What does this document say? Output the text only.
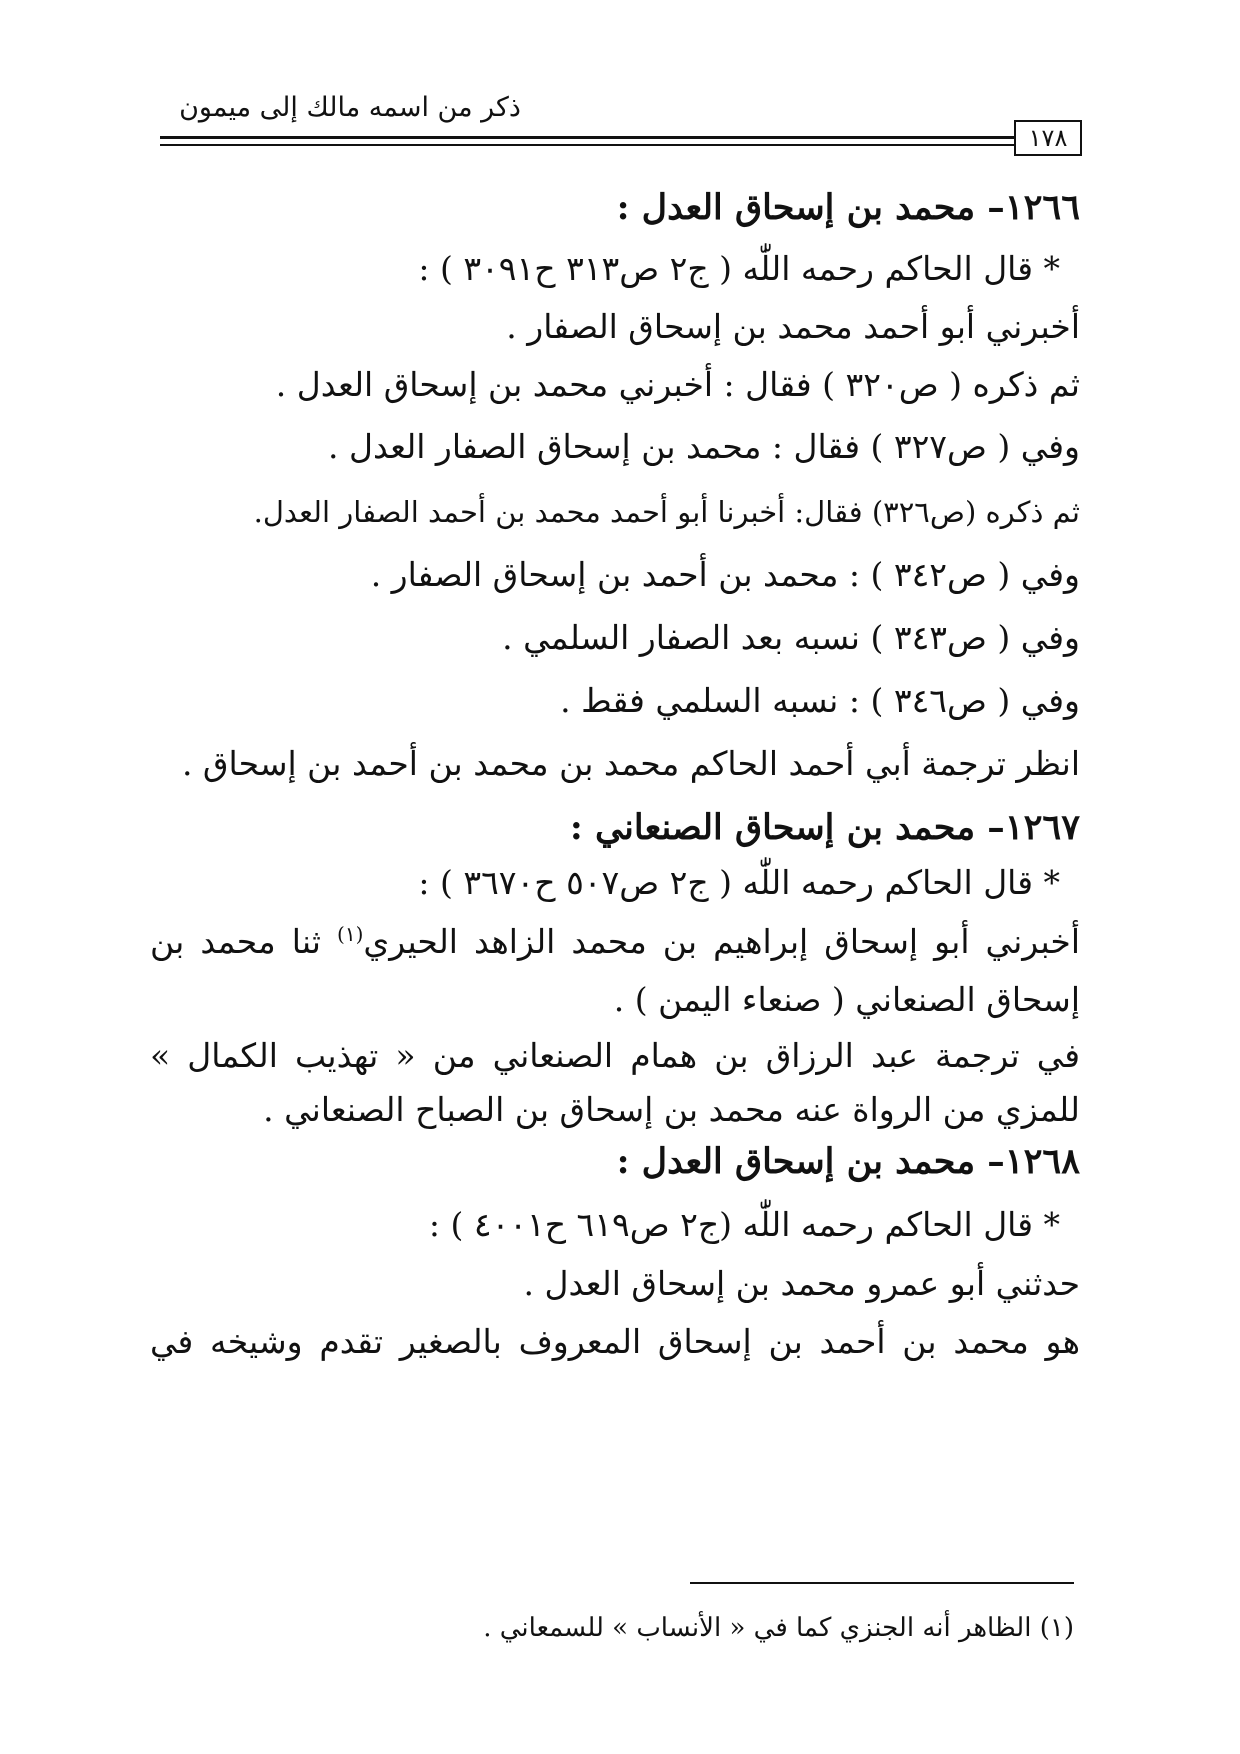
ذكر من اسمه مالك إلى ميمون
١٧٨
١٢٦٦– محمد بن إسحاق العدل :
* قال الحاكم رحمه اللّٰه ( ج٢ ص٣١٣ ح٣٠٩١ ) :
أخبرني أبو أحمد محمد بن إسحاق الصفار .
ثم ذكره ( ص٣٢٠ ) فقال : أخبرني محمد بن إسحاق العدل .
وفي ( ص٣٢٧ ) فقال : محمد بن إسحاق الصفار العدل .
ثم ذكره (ص٣٢٦) فقال: أخبرنا أبو أحمد محمد بن أحمد الصفار العدل.
وفي ( ص٣٤٢ ) : محمد بن أحمد بن إسحاق الصفار .
وفي ( ص٣٤٣ ) نسبه بعد الصفار السلمي .
وفي ( ص٣٤٦ ) : نسبه السلمي فقط .
انظر ترجمة أبي أحمد الحاكم محمد بن محمد بن أحمد بن إسحاق .
١٢٦٧– محمد بن إسحاق الصنعاني :
* قال الحاكم رحمه اللّٰه ( ج٢ ص٥٠٧ ح٣٦٧٠ ) :
أخبرني أبو إسحاق إبراهيم بن محمد الزاهد الحيري$^{(١)}$ ثنا محمد بن
إسحاق الصنعاني ( صنعاء اليمن ) .
في ترجمة عبد الرزاق بن همام الصنعاني من « تهذيب الكمال »
للمزي من الرواة عنه محمد بن إسحاق بن الصباح الصنعاني .
١٢٦٨– محمد بن إسحاق العدل :
* قال الحاكم رحمه اللّٰه (ج٢ ص٦١٩ ح٤٠٠١ ) :
حدثني أبو عمرو محمد بن إسحاق العدل .
هو محمد بن أحمد بن إسحاق المعروف بالصغير تقدم وشيخه في
(١) الظاهر أنه الجنزي كما في « الأنساب » للسمعاني .
